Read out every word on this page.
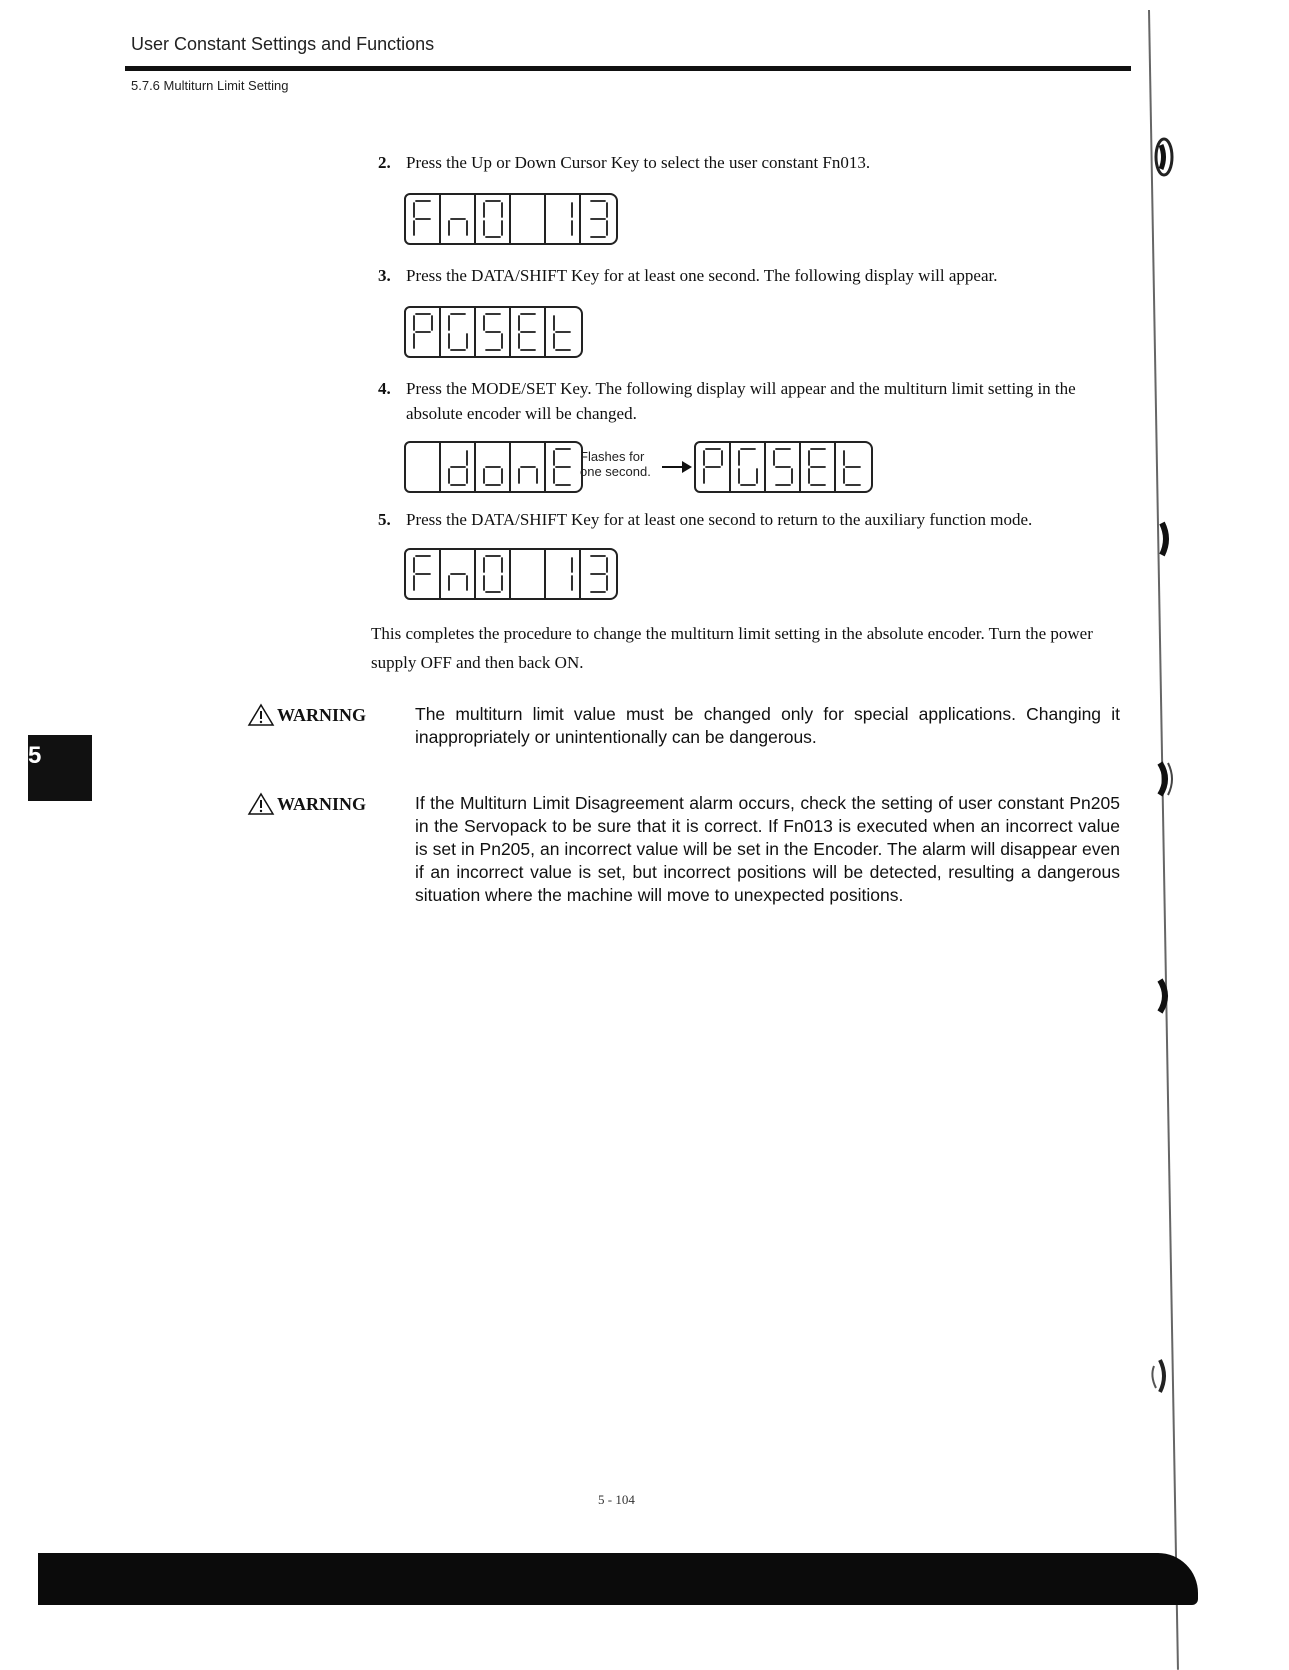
User Constant Settings and Functions
5.7.6 Multiturn Limit Setting
2. Press the Up or Down Cursor Key to select the user constant Fn013.
3. Press the DATA/SHIFT Key for at least one second. The following display will appear.
4. Press the MODE/SET Key. The following display will appear and the multiturn limit setting in the absolute encoder will be changed.
Flashes for
one second.
5. Press the DATA/SHIFT Key for at least one second to return to the auxiliary function mode.
This completes the procedure to change the multiturn limit setting in the absolute encoder. Turn the power supply OFF and then back ON.
WARNING	The multiturn limit value must be changed only for special applications. Changing it inappropriately or unintentionally can be dangerous.
WARNING	If the Multiturn Limit Disagreement alarm occurs, check the setting of user constant Pn205 in the Servopack to be sure that it is correct. If Fn013 is executed when an incorrect value is set in Pn205, an incorrect value will be set in the Encoder. The alarm will disappear even if an incorrect value is set, but incorrect positions will be detected, resulting a dangerous situation where the machine will move to unexpected positions.
5
5 - 104
